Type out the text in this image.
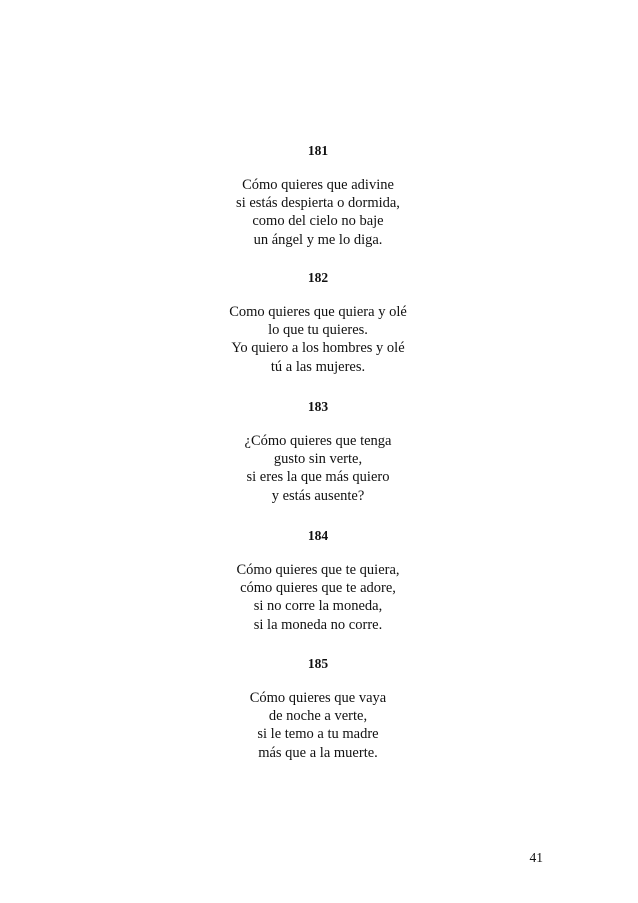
181
Cómo quieres que adivine
si estás despierta o dormida,
como del cielo no baje
un ángel y me lo diga.
182
Como quieres que quiera y olé
lo que tu quieres.
Yo quiero a los hombres y olé
tú a las mujeres.
183
¿Cómo quieres que tenga
gusto sin verte,
si eres la que más quiero
y estás ausente?
184
Cómo quieres que te quiera,
cómo quieres que te adore,
si no corre la moneda,
si la moneda no corre.
185
Cómo quieres que vaya
de noche a verte,
si le temo a tu madre
más que a la muerte.
41
